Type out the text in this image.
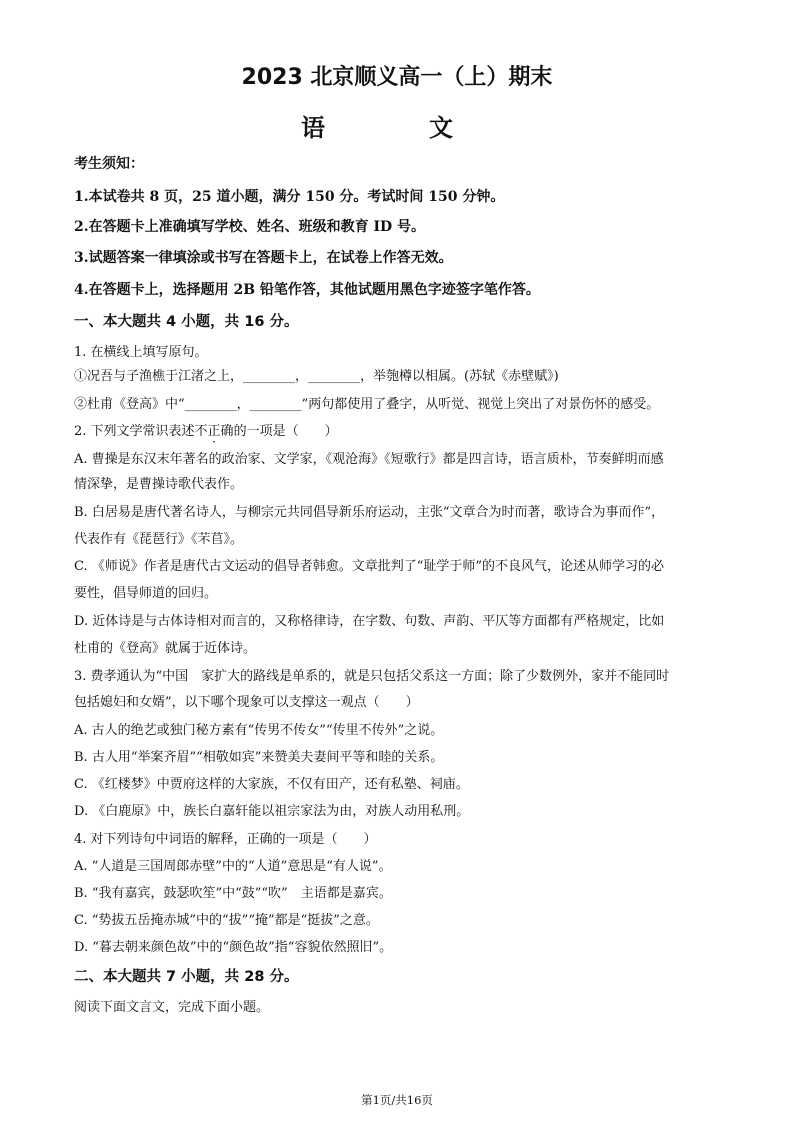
2023 北京顺义高一（上）期末
语　文
考生须知：
1.本试卷共 8 页，25 道小题，满分 150 分。考试时间 150 分钟。
2.在答题卡上准确填写学校、姓名、班级和教育 ID 号。
3.试题答案一律填涂或书写在答题卡上，在试卷上作答无效。
4.在答题卡上，选择题用 2B 铅笔作答，其他试题用黑色字迹签字笔作答。
一、本大题共 4 小题，共 16 分。
1. 在横线上填写原句。
①况吾与子渔樵于江渚之上，________，________，举匏樽以相属。(苏轼《赤壁赋》)
②杜甫《登高》中“________，________”两句都使用了叠字，从听觉、视觉上突出了对景伤怀的感受。
2. 下列文学常识表述不正确的一项是（　　）
A. 曹操是东汉末年著名的政治家、文学家，《观沧海》《短歌行》都是四言诗，语言质朴，节奏鲜明而感
情深挚，是曹操诗歌代表作。
B. 白居易是唐代著名诗人，与柳宗元共同倡导新乐府运动，主张“文章合为时而著，歌诗合为事而作”，
代表作有《琵琶行》《芣苢》。
C. 《师说》作者是唐代古文运动的倡导者韩愈。文章批判了“耻学于师”的不良风气，论述从师学习的必
要性，倡导师道的回归。
D. 近体诗是与古体诗相对而言的，又称格律诗，在字数、句数、声韵、平仄等方面都有严格规定，比如
杜甫的《登高》就属于近体诗。
3. 费孝通认为“中国　家扩大的路线是单系的，就是只包括父系这一方面；除了少数例外，家并不能同时
包括媳妇和女婿”，以下哪个现象可以支撑这一观点（　　）
A. 古人的绝艺或独门秘方素有“传男不传女”“传里不传外”之说。
B. 古人用“举案齐眉”“相敬如宾”来赞美夫妻间平等和睦的关系。
C. 《红楼梦》中贾府这样的大家族，不仅有田产，还有私塾、祠庙。
D. 《白鹿原》中，族长白嘉轩能以祖宗家法为由，对族人动用私刑。
4. 对下列诗句中词语的解释，正确的一项是（　　）
A. “人道是三国周郎赤壁”中的“人道”意思是“有人说”。
B. “我有嘉宾，鼓瑟吹笙”中“鼓”“吹”　主语都是嘉宾。
C. “势拔五岳掩赤城”中的“拔”“掩”都是“挺拔”之意。
D. “暮去朝来颜色故”中的“颜色故”指“容貌依然照旧”。
二、本大题共 7 小题，共 28 分。
阅读下面文言文，完成下面小题。
第1页/共16页
